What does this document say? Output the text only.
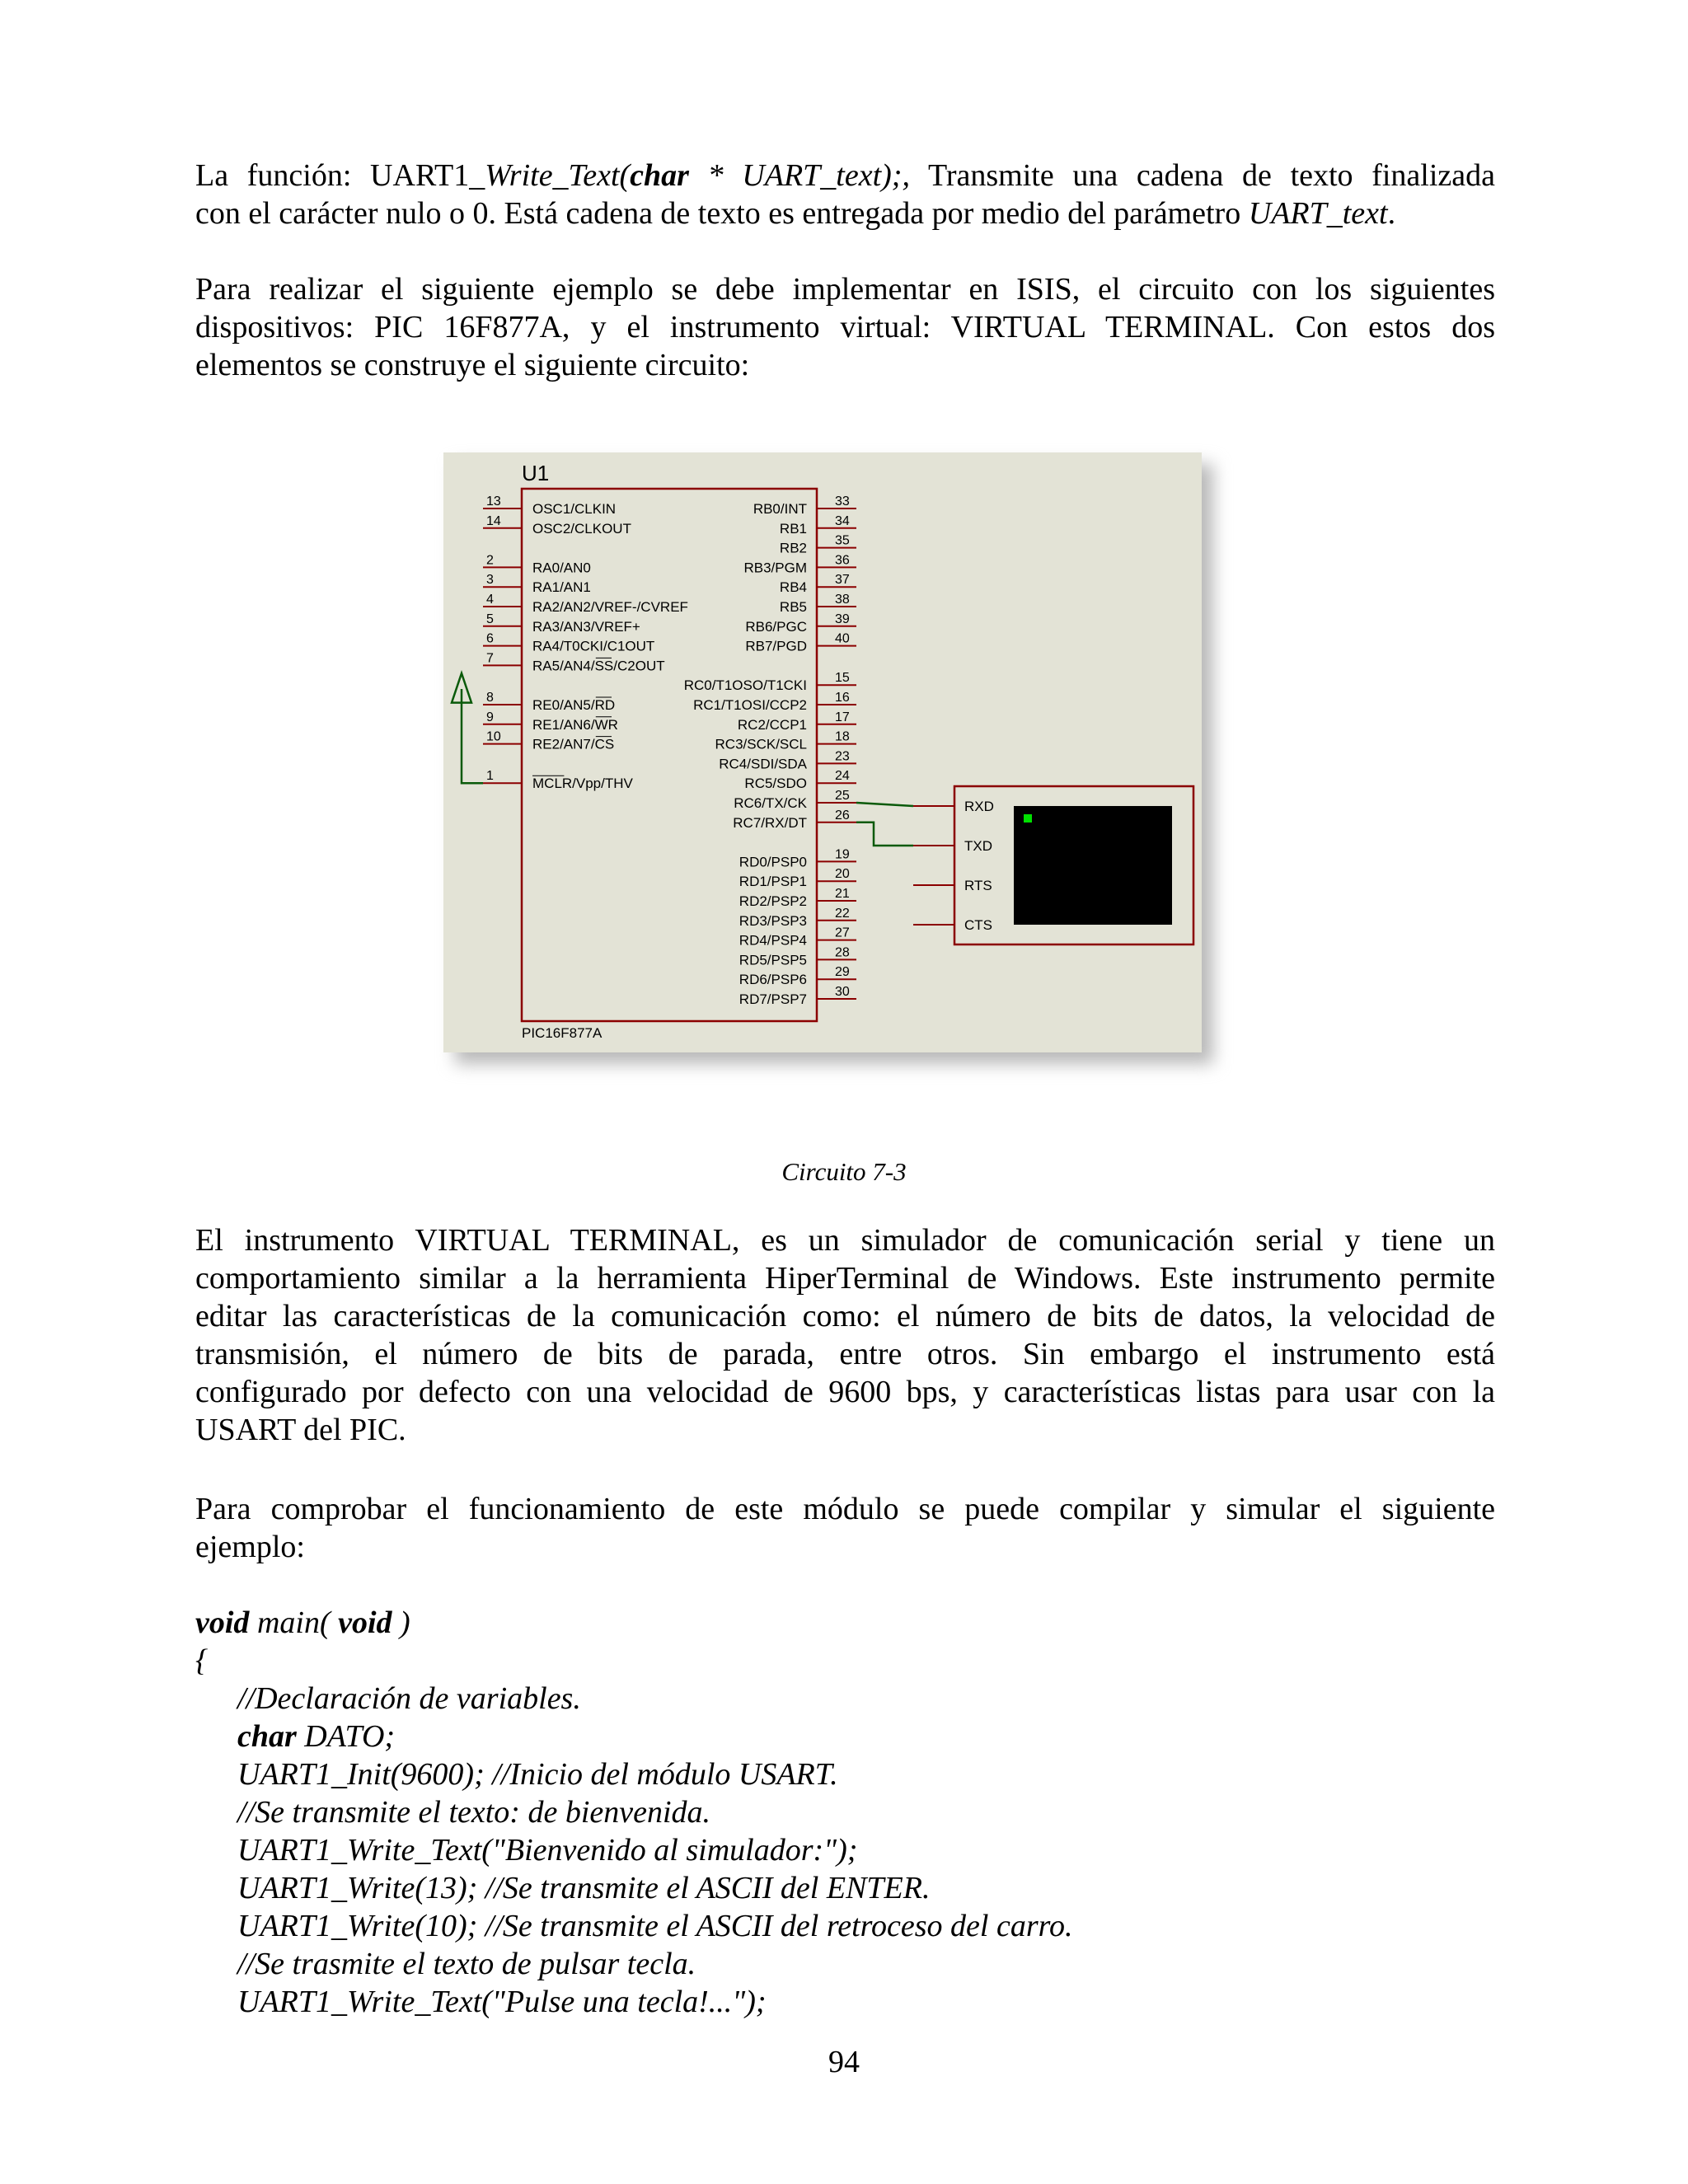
La función: UART1_Write_Text(char * UART_text);, Transmite una cadena de texto finalizada
con el carácter nulo o 0. Está cadena de texto es entregada por medio del parámetro UART_text.
Para realizar el siguiente ejemplo se debe implementar en ISIS, el circuito con los siguientes
dispositivos: PIC 16F877A, y el instrumento virtual: VIRTUAL TERMINAL. Con estos dos
elementos se construye el siguiente circuito:
U1
PIC16F877A
13 OSC1/CLKIN
14 OSC2/CLKOUT
2	RA0/AN0
3	RA1/AN1
4	RA2/AN2/VREF-/CVREF
5	RA3/AN3/VREF+
6	RA4/T0CKI/C1OUT
7	RA5/AN4/SS/C2OUT
8	RE0/AN5/RD
9	RE1/AN6/WR
10 RE2/AN7/CS
1	MCLR/Vpp/THV
33
RB0/INT
34
RB1
35
RB2
36
RB3/PGM
37
RB4
38
RB5
39
RB6/PGC
40
RB7/PGD
15
RC0/T1OSO/T1CKI
16
RC1/T1OSI/CCP2
17
RC2/CCP1
18
RC3/SCK/SCL
23
RC4/SDI/SDA
24
RC5/SDO
25
RC6/TX/CK
26
RC7/RX/DT
19
RD0/PSP0
20
RD1/PSP1
21
RD2/PSP2
22
RD3/PSP3
27
RD4/PSP4
28
RD5/PSP5
29
RD6/PSP6
30
RD7/PSP7
RXD
TXD
RTS
CTS
Circuito 7-3
El instrumento VIRTUAL TERMINAL, es un simulador de comunicación serial y tiene un
comportamiento similar a la herramienta HiperTerminal de Windows. Este instrumento permite
editar las características de la comunicación como: el número de bits de datos, la velocidad de
transmisión, el número de bits de parada, entre otros. Sin embargo el instrumento está
configurado por defecto con una velocidad de 9600 bps, y características listas para usar con la
USART del PIC.
Para comprobar el funcionamiento de este módulo se puede compilar y simular el siguiente
ejemplo:
void main( void )
{
//Declaración de variables.
char DATO;
UART1_Init(9600); //Inicio del módulo USART.
//Se transmite el texto: de bienvenida.
UART1_Write_Text("Bienvenido al simulador:");
UART1_Write(13); //Se transmite el ASCII del ENTER.
UART1_Write(10); //Se transmite el ASCII del retroceso del carro.
//Se trasmite el texto de pulsar tecla.
UART1_Write_Text("Pulse una tecla!...");
94
